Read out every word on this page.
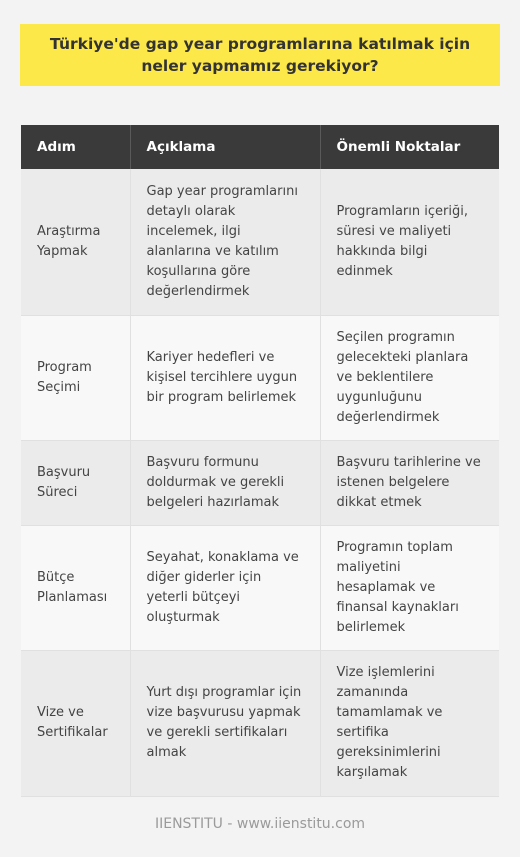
Türkiye'de gap year programlarına katılmak için neler yapmamız gerekiyor?
Adım	Açıklama	Önemli Noktalar
Araştırma Yapmak	Gap year programlarını detaylı olarak incelemek, ilgi alanlarına ve katılım koşullarına göre değerlendirmek	Programların içeriği, süresi ve maliyeti hakkında bilgi edinmek
Program Seçimi	Kariyer hedefleri ve kişisel tercihlere uygun bir program belirlemek	Seçilen programın gelecekteki planlara ve beklentilere uygunluğunu değerlendirmek
Başvuru Süreci	Başvuru formunu doldurmak ve gerekli belgeleri hazırlamak	Başvuru tarihlerine ve istenen belgelere dikkat etmek
Bütçe Planlaması	Seyahat, konaklama ve diğer giderler için yeterli bütçeyi oluşturmak	Programın toplam maliyetini hesaplamak ve finansal kaynakları belirlemek
Vize ve Sertifikalar	Yurt dışı programlar için vize başvurusu yapmak ve gerekli sertifikaları almak	Vize işlemlerini zamanında tamamlamak ve sertifika gereksinimlerini karşılamak
IIENSTITU - www.iienstitu.com
